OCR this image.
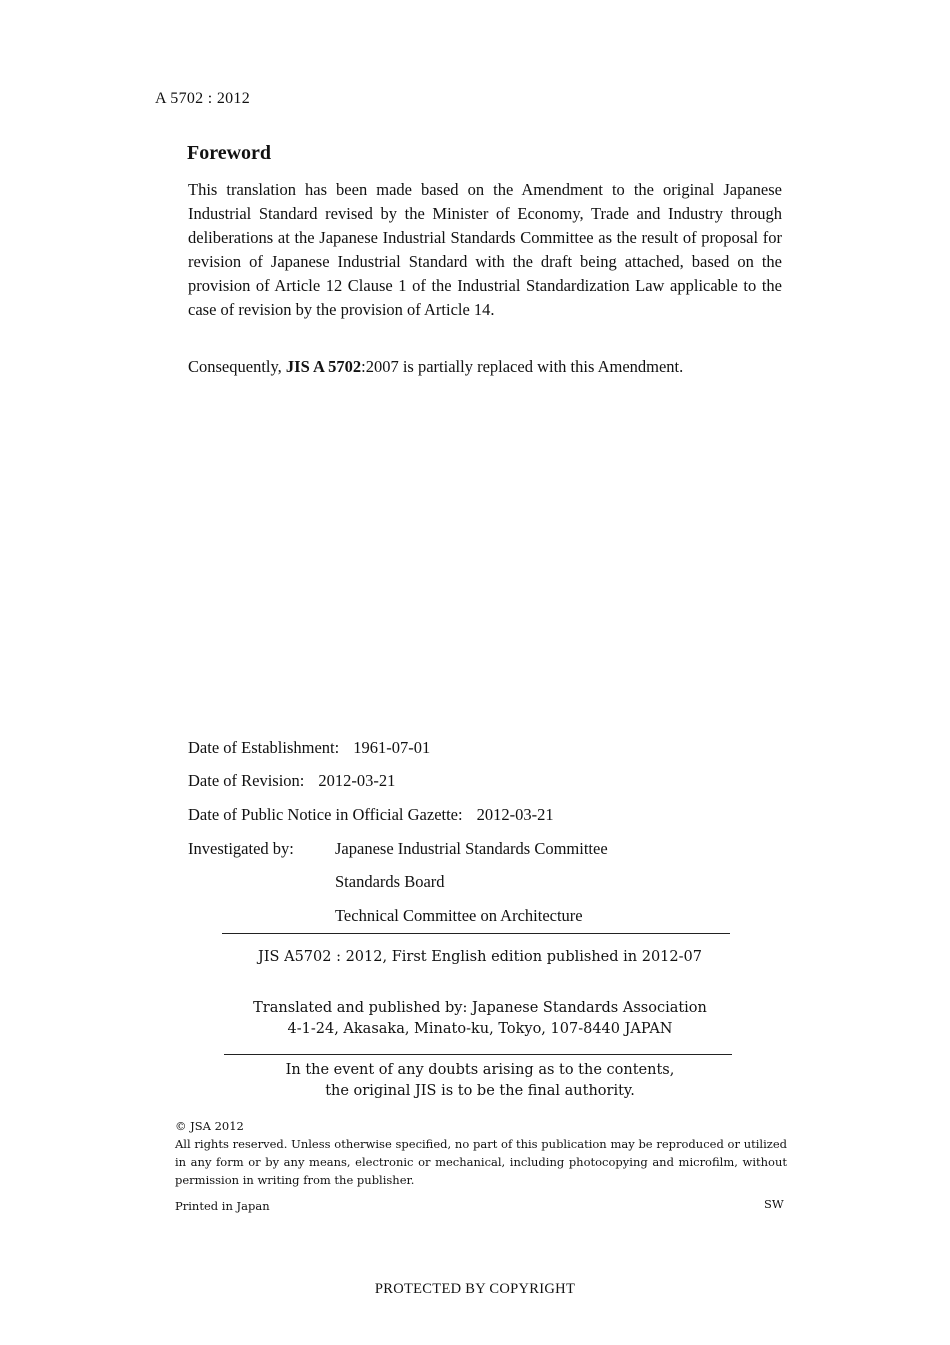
A 5702 : 2012
Foreword
This translation has been made based on the Amendment to the original Japanese Industrial Standard revised by the Minister of Economy, Trade and Industry through deliberations at the Japanese Industrial Standards Committee as the result of proposal for revision of Japanese Industrial Standard with the draft being attached, based on the provision of Article 12 Clause 1 of the Industrial Standardization Law applicable to the case of revision by the provision of Article 14.
Consequently, JIS A 5702:2007 is partially replaced with this Amendment.
Date of Establishment: 1961-07-01
Date of Revision: 2012-03-21
Date of Public Notice in Official Gazette: 2012-03-21
Investigated by: Japanese Industrial Standards Committee
Standards Board
Technical Committee on Architecture
JIS A5702 : 2012, First English edition published in 2012-07
Translated and published by: Japanese Standards Association
4-1-24, Akasaka, Minato-ku, Tokyo, 107-8440 JAPAN
In the event of any doubts arising as to the contents,
the original JIS is to be the final authority.
© JSA 2012
All rights reserved. Unless otherwise specified, no part of this publication may be reproduced or utilized in any form or by any means, electronic or mechanical, including photocopying and microfilm, without permission in writing from the publisher.
Printed in Japan	SW
PROTECTED BY COPYRIGHT
